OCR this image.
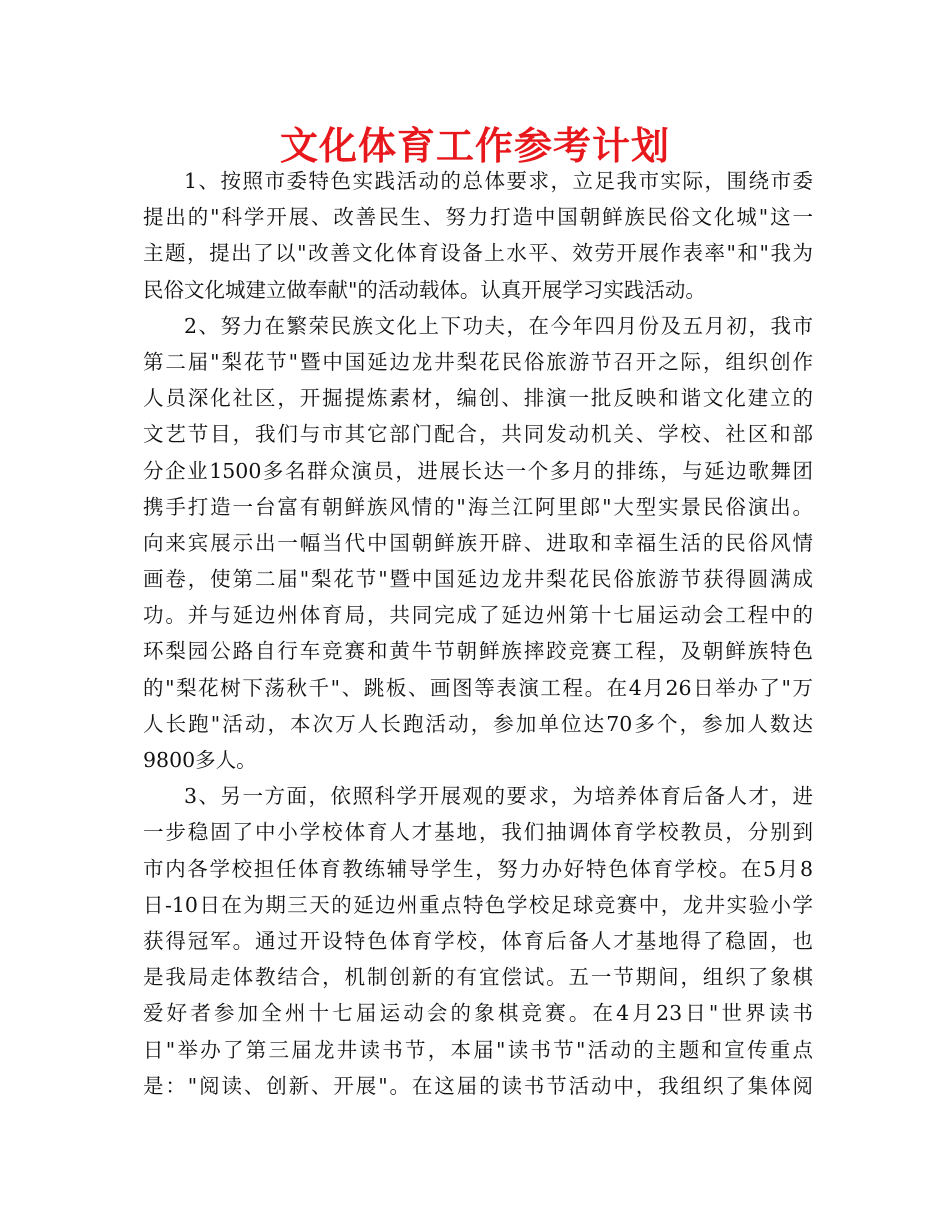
文化体育工作参考计划
1、按照市委特色实践活动的总体要求，立足我市实际，围绕市委
提出的"科学开展、改善民生、努力打造中国朝鲜族民俗文化城"这一
主题，提出了以"改善文化体育设备上水平、效劳开展作表率"和"我为
民俗文化城建立做奉献"的活动载体。认真开展学习实践活动。
2、努力在繁荣民族文化上下功夫，在今年四月份及五月初，我市
第二届"梨花节"暨中国延边龙井梨花民俗旅游节召开之际，组织创作
人员深化社区，开掘提炼素材，编创、排演一批反映和谐文化建立的
文艺节目，我们与市其它部门配合，共同发动机关、学校、社区和部
分企业1500多名群众演员，进展长达一个多月的排练，与延边歌舞团
携手打造一台富有朝鲜族风情的"海兰江阿里郎"大型实景民俗演出。
向来宾展示出一幅当代中国朝鲜族开辟、进取和幸福生活的民俗风情
画卷，使第二届"梨花节"暨中国延边龙井梨花民俗旅游节获得圆满成
功。并与延边州体育局，共同完成了延边州第十七届运动会工程中的
环梨园公路自行车竞赛和黄牛节朝鲜族摔跤竞赛工程，及朝鲜族特色
的"梨花树下荡秋千"、跳板、画图等表演工程。在4月26日举办了"万
人长跑"活动，本次万人长跑活动，参加单位达70多个，参加人数达
9800多人。
3、另一方面，依照科学开展观的要求，为培养体育后备人才，进
一步稳固了中小学校体育人才基地，我们抽调体育学校教员，分别到
市内各学校担任体育教练辅导学生，努力办好特色体育学校。在5月8
日-10日在为期三天的延边州重点特色学校足球竞赛中，龙井实验小学
获得冠军。通过开设特色体育学校，体育后备人才基地得了稳固，也
是我局走体教结合，机制创新的有宜偿试。五一节期间，组织了象棋
爱好者参加全州十七届运动会的象棋竞赛。在4月23日"世界读书
日"举办了第三届龙井读书节，本届"读书节"活动的主题和宣传重点
是："阅读、创新、开展"。在这届的读书节活动中，我组织了集体阅
